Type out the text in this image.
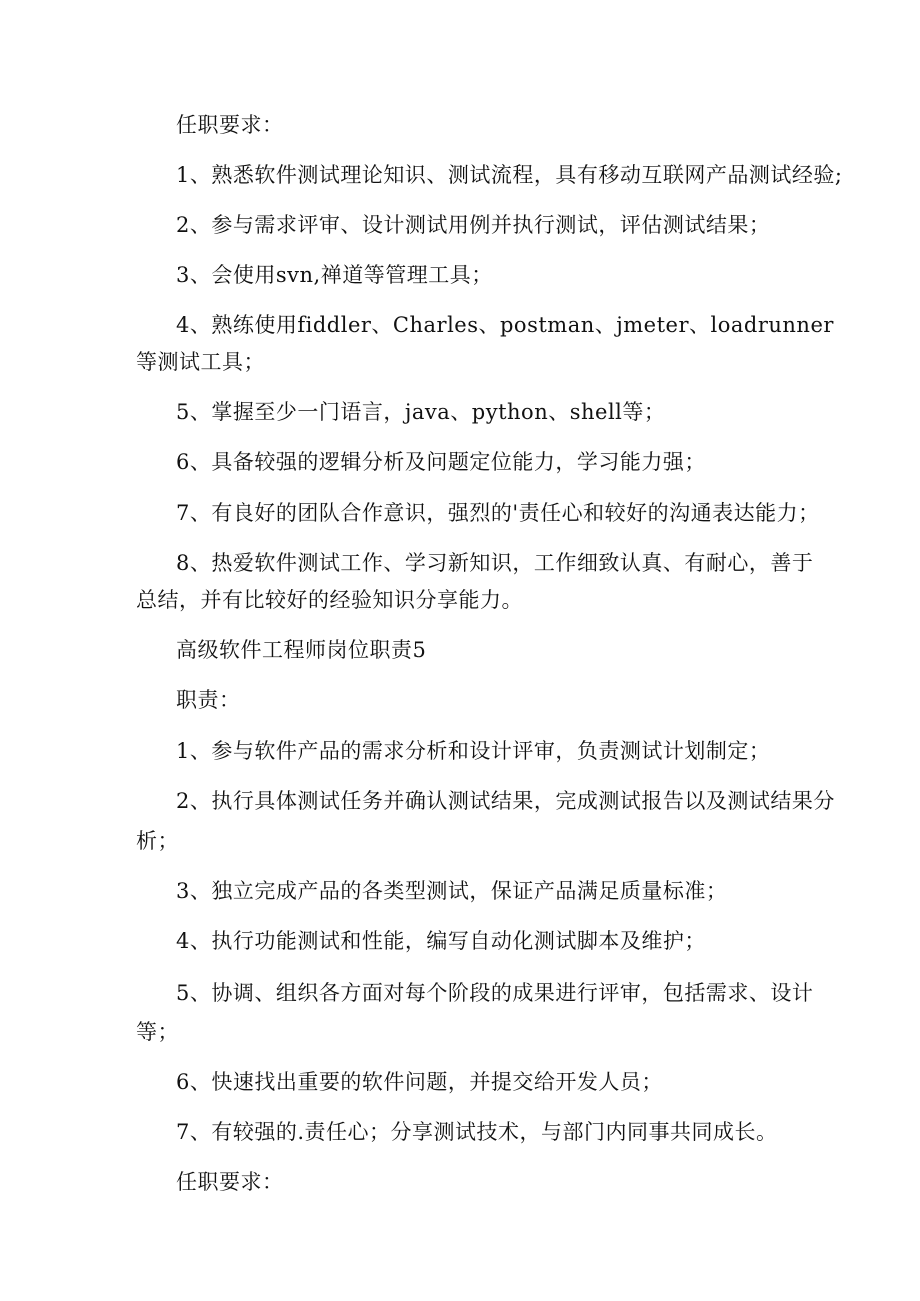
任职要求：
1、熟悉软件测试理论知识、测试流程，具有移动互联网产品测试经验;
2、参与需求评审、设计测试用例并执行测试，评估测试结果；
3、会使用svn,禅道等管理工具；
4、熟练使用fiddler、Charles、postman、jmeter、loadrunner
等测试工具；
5、掌握至少一门语言，java、python、shell等；
6、具备较强的逻辑分析及问题定位能力，学习能力强；
7、有良好的团队合作意识，强烈的'责任心和较好的沟通表达能力；
8、热爱软件测试工作、学习新知识，工作细致认真、有耐心，善于
总结，并有比较好的经验知识分享能力。
高级软件工程师岗位职责5
职责：
1、参与软件产品的需求分析和设计评审，负责测试计划制定；
2、执行具体测试任务并确认测试结果，完成测试报告以及测试结果分
析；
3、独立完成产品的各类型测试，保证产品满足质量标准；
4、执行功能测试和性能，编写自动化测试脚本及维护；
5、协调、组织各方面对每个阶段的成果进行评审，包括需求、设计
等；
6、快速找出重要的软件问题，并提交给开发人员；
7、有较强的.责任心；分享测试技术，与部门内同事共同成长。
任职要求：
